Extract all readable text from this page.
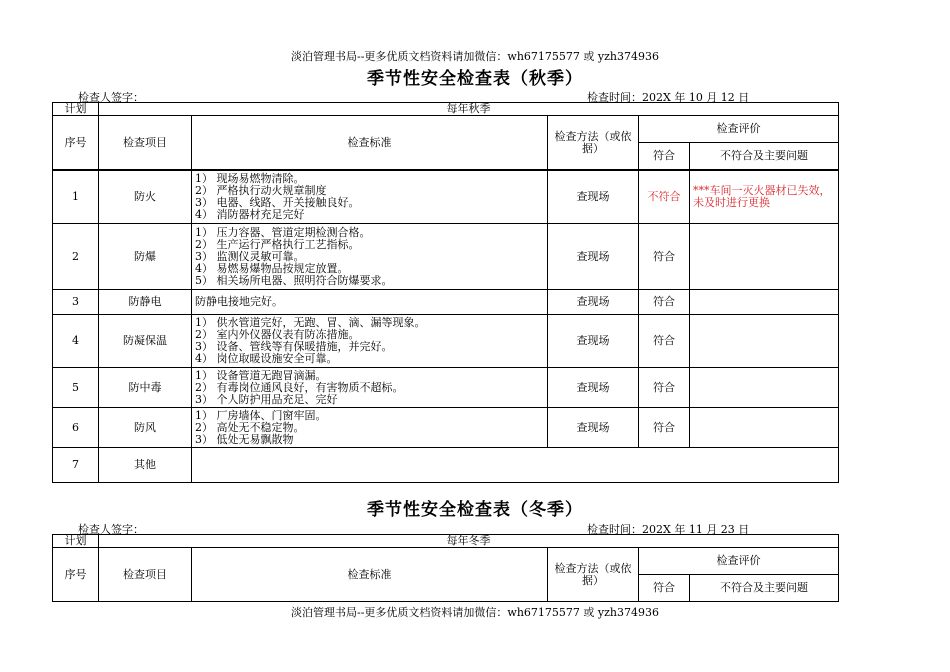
淡泊管理书局--更多优质文档资料请加微信：wh67175577 或 yzh374936
季节性安全检查表（秋季）
检查人签字：	检查时间：202X 年 10 月 12 日
计划	每年秋季				
序号	检查项目	检查标准	检查方法（或依据）	检查评价	
				符合	不符合及主要问题
1	防火	1） 现场易燃物清除。
2） 严格执行动火规章制度
3） 电器、线路、开关接触良好。
4） 消防器材充足完好	查现场	不符合	***车间一灭火器材已失效，未及时进行更换
2	防爆	1） 压力容器、管道定期检测合格。
2） 生产运行严格执行工艺指标。
3） 监测仪灵敏可靠。
4） 易燃易爆物品按规定放置。
5） 相关场所电器、照明符合防爆要求。	查现场	符合	
3	防静电	防静电接地完好。	查现场	符合	
4	防凝保温	1） 供水管道完好，无跑、冒、滴、漏等现象。
2） 室内外仪器仪表有防冻措施。
3） 设备、管线等有保暖措施，并完好。
4） 岗位取暖设施安全可靠。	查现场	符合	
5	防中毒	1） 设备管道无跑冒滴漏。
2） 有毒岗位通风良好，有害物质不超标。
3） 个人防护用品充足、完好	查现场	符合	
6	防风	1） 厂房墙体、门窗牢固。
2） 高处无不稳定物。
3） 低处无易飘散物	查现场	符合	
7	其他				
季节性安全检查表（冬季）
检查人签字：	检查时间：202X 年 11 月 23 日
计划	每年冬季				
序号	检查项目	检查标准	检查方法（或依据）	检查评价	
				符合	不符合及主要问题
淡泊管理书局--更多优质文档资料请加微信：wh67175577 或 yzh374936
